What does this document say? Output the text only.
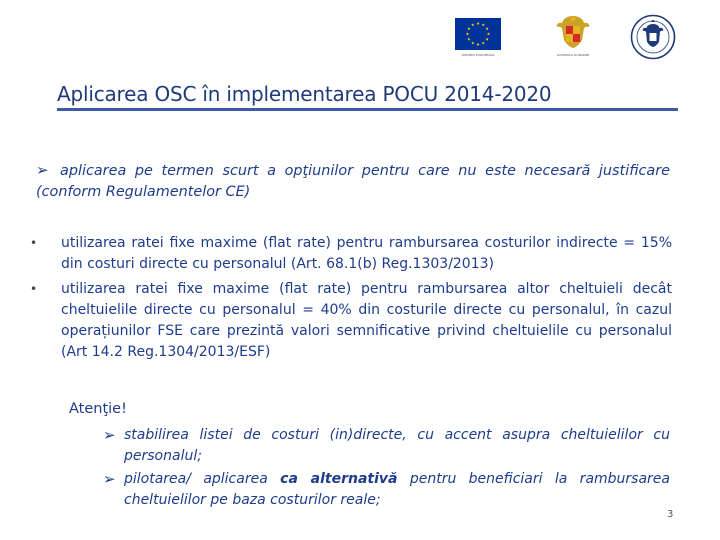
UNIUNEA EUROPEANA	GUVERNUL ROMANIEI
Aplicarea OSC în implementarea POCU 2014-2020
➢ aplicarea pe termen scurt a opţiunilor pentru care nu este necesară justificare (conform Regulamentelor CE)
• utilizarea ratei fixe maxime (flat rate) pentru rambursarea costurilor indirecte = 15% din costuri directe cu personalul (Art. 68.1(b) Reg.1303/2013)
• utilizarea ratei fixe maxime (flat rate) pentru rambursarea altor cheltuieli decât cheltuielile directe cu personalul = 40% din costurile directe cu personalul, în cazul operațiunilor FSE care prezintă valori semnificative privind cheltuielile cu personalul (Art 14.2 Reg.1304/2013/ESF)
Atenţie!
➢ stabilirea listei de costuri (in)directe, cu accent asupra cheltuielilor cu personalul;
➢ pilotarea/ aplicarea ca alternativă pentru beneficiari la rambursarea cheltuielilor pe baza costurilor reale;
3
